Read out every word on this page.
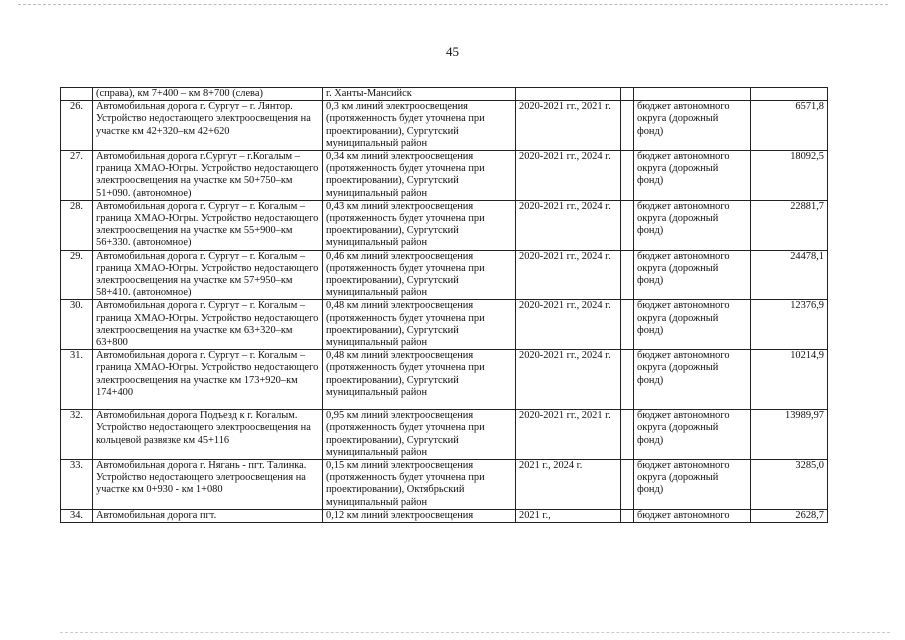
45
	(справа), км 7+400 – км 8+700 (слева)	г. Ханты-Мансийск				
26.	Автомобильная дорога г. Сургут – г. Лянтор. Устройство недостающего электроосвещения на участке км 42+320–км 42+620	0,3 км линий электроосвещения (протяженность будет уточнена при проектировании), Сургутский муниципальный район	2020-2021 гг., 2021 г.		бюджет автономного округа (дорожный фонд)	6571,8
27.	Автомобильная дорога г.Сургут – г.Когалым – граница ХМАО-Югры. Устройство недостающего электроосвещения на участке км 50+750–км 51+090. (автономное)	0,34 км линий электроосвещения (протяженность будет уточнена при проектировании), Сургутский муниципальный район	2020-2021 гг., 2024 г.		бюджет автономного округа (дорожный фонд)	18092,5
28.	Автомобильная дорога г. Сургут – г. Когалым – граница ХМАО-Югры. Устройство недостающего электроосвещения на участке км 55+900–км 56+330. (автономное)	0,43 км линий электроосвещения (протяженность будет уточнена при проектировании), Сургутский муниципальный район	2020-2021 гг., 2024 г.		бюджет автономного округа (дорожный фонд)	22881,7
29.	Автомобильная дорога г. Сургут – г. Когалым – граница ХМАО-Югры. Устройство недостающего электроосвещения на участке км 57+950–км 58+410. (автономное)	0,46 км линий электроосвещения (протяженность будет уточнена при проектировании), Сургутский муниципальный район	2020-2021 гг., 2024 г.		бюджет автономного округа (дорожный фонд)	24478,1
30.	Автомобильная дорога г. Сургут – г. Когалым – граница ХМАО-Югры. Устройство недостающего электроосвещения на участке км 63+320–км 63+800	0,48 км линий электроосвещения (протяженность будет уточнена при проектировании), Сургутский муниципальный район	2020-2021 гг., 2024 г.		бюджет автономного округа (дорожный фонд)	12376,9
31.	Автомобильная дорога г. Сургут – г. Когалым – граница ХМАО-Югры. Устройство недостающего электроосвещения на участке км 173+920–км 174+400	0,48 км линий электроосвещения (протяженность будет уточнена при проектировании), Сургутский муниципальный район	2020-2021 гг., 2024 г.		бюджет автономного округа (дорожный фонд)	10214,9
32.	Автомобильная дорога Подъезд к г. Когалым. Устройство недостающего электроосвещения на кольцевой развязке км 45+116	0,95 км линий электроосвещения (протяженность будет уточнена при проектировании), Сургутский муниципальный район	2020-2021 гг., 2021 г.		бюджет автономного округа (дорожный фонд)	13989,97
33.	Автомобильная дорога г. Нягань - пгт. Талинка. Устройство недостающего элетроосвещения на участке км 0+930 - км 1+080	0,15 км линий электроосвещения (протяженность будет уточнена при проектировании), Октябрьский муниципальный район	2021 г., 2024 г.		бюджет автономного округа (дорожный фонд)	3285,0
34.	Автомобильная дорога пгт.	0,12 км линий электроосвещения	2021 г.,		бюджет автономного	2628,7
